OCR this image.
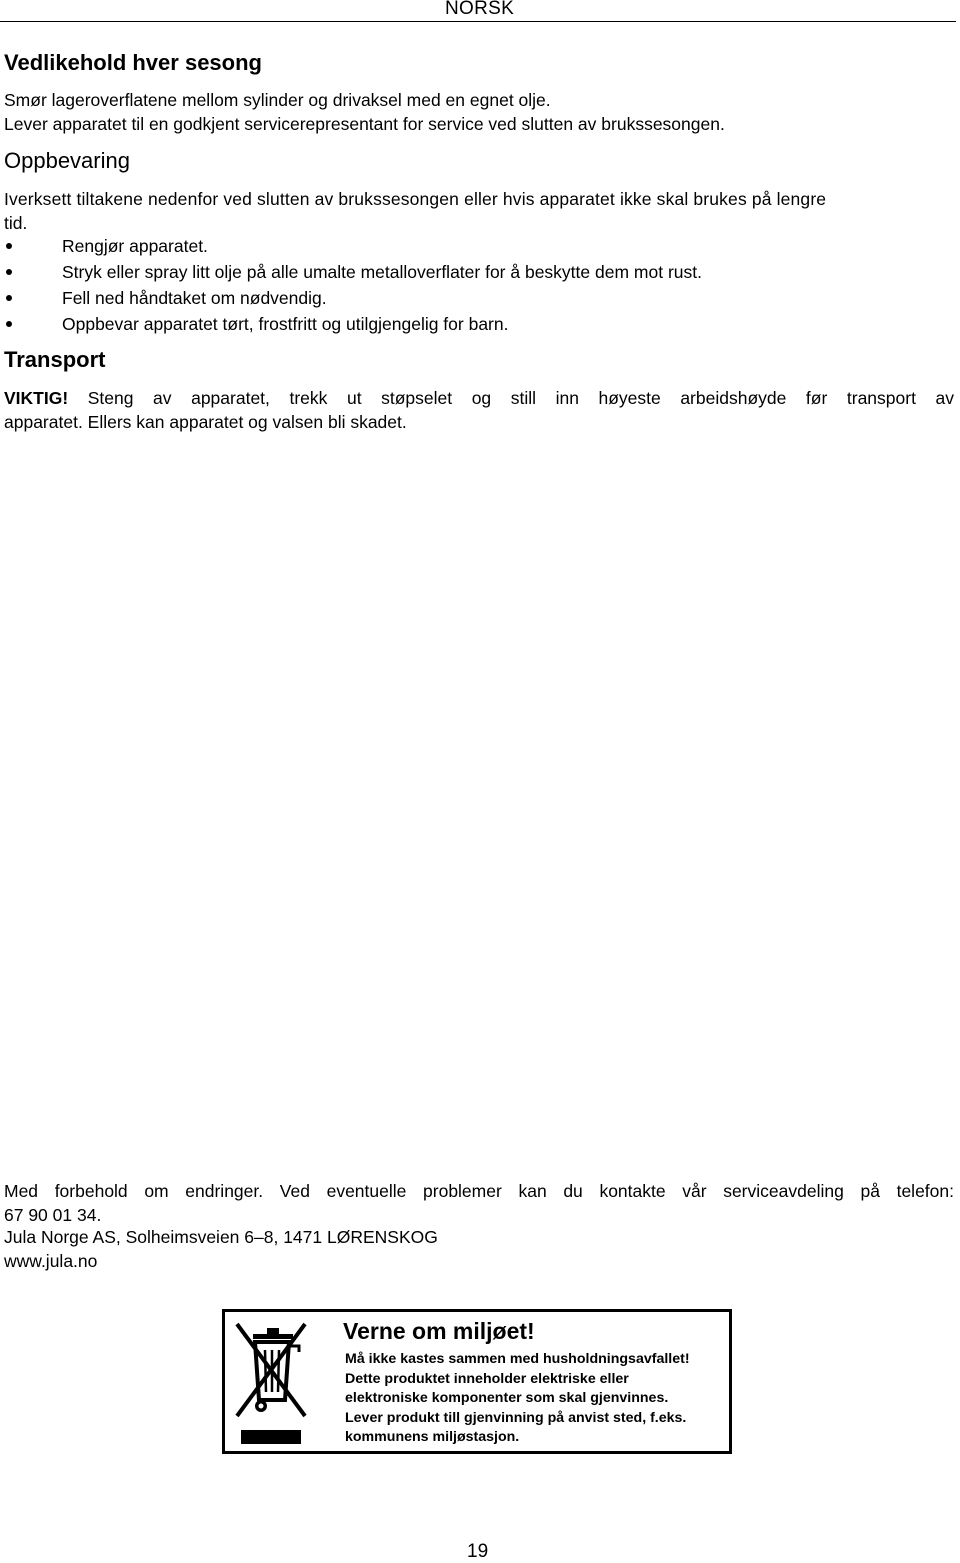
NORSK
Vedlikehold hver sesong
Smør lageroverflatene mellom sylinder og drivaksel med en egnet olje.
Lever apparatet til en godkjent servicerepresentant for service ved slutten av brukssesongen.
Oppbevaring
Iverksett tiltakene nedenfor ved slutten av brukssesongen eller hvis apparatet ikke skal brukes på lengre
tid.
Rengjør apparatet.
Stryk eller spray litt olje på alle umalte metalloverflater for å beskytte dem mot rust.
Fell ned håndtaket om nødvendig.
Oppbevar apparatet tørt, frostfritt og utilgjengelig for barn.
Transport
VIKTIG! Steng av apparatet, trekk ut støpselet og still inn høyeste arbeidshøyde før transport av
apparatet. Ellers kan apparatet og valsen bli skadet.
Med forbehold om endringer. Ved eventuelle problemer kan du kontakte vår serviceavdeling på telefon:
67 90 01 34.
Jula Norge AS, Solheimsveien 6–8, 1471 LØRENSKOG
www.jula.no
Verne om miljøet!
Må ikke kastes sammen med husholdningsavfallet!
Dette produktet inneholder elektriske eller
elektroniske komponenter som skal gjenvinnes.
Lever produkt till gjenvinning på anvist sted, f.eks.
kommunens miljøstasjon.
19
